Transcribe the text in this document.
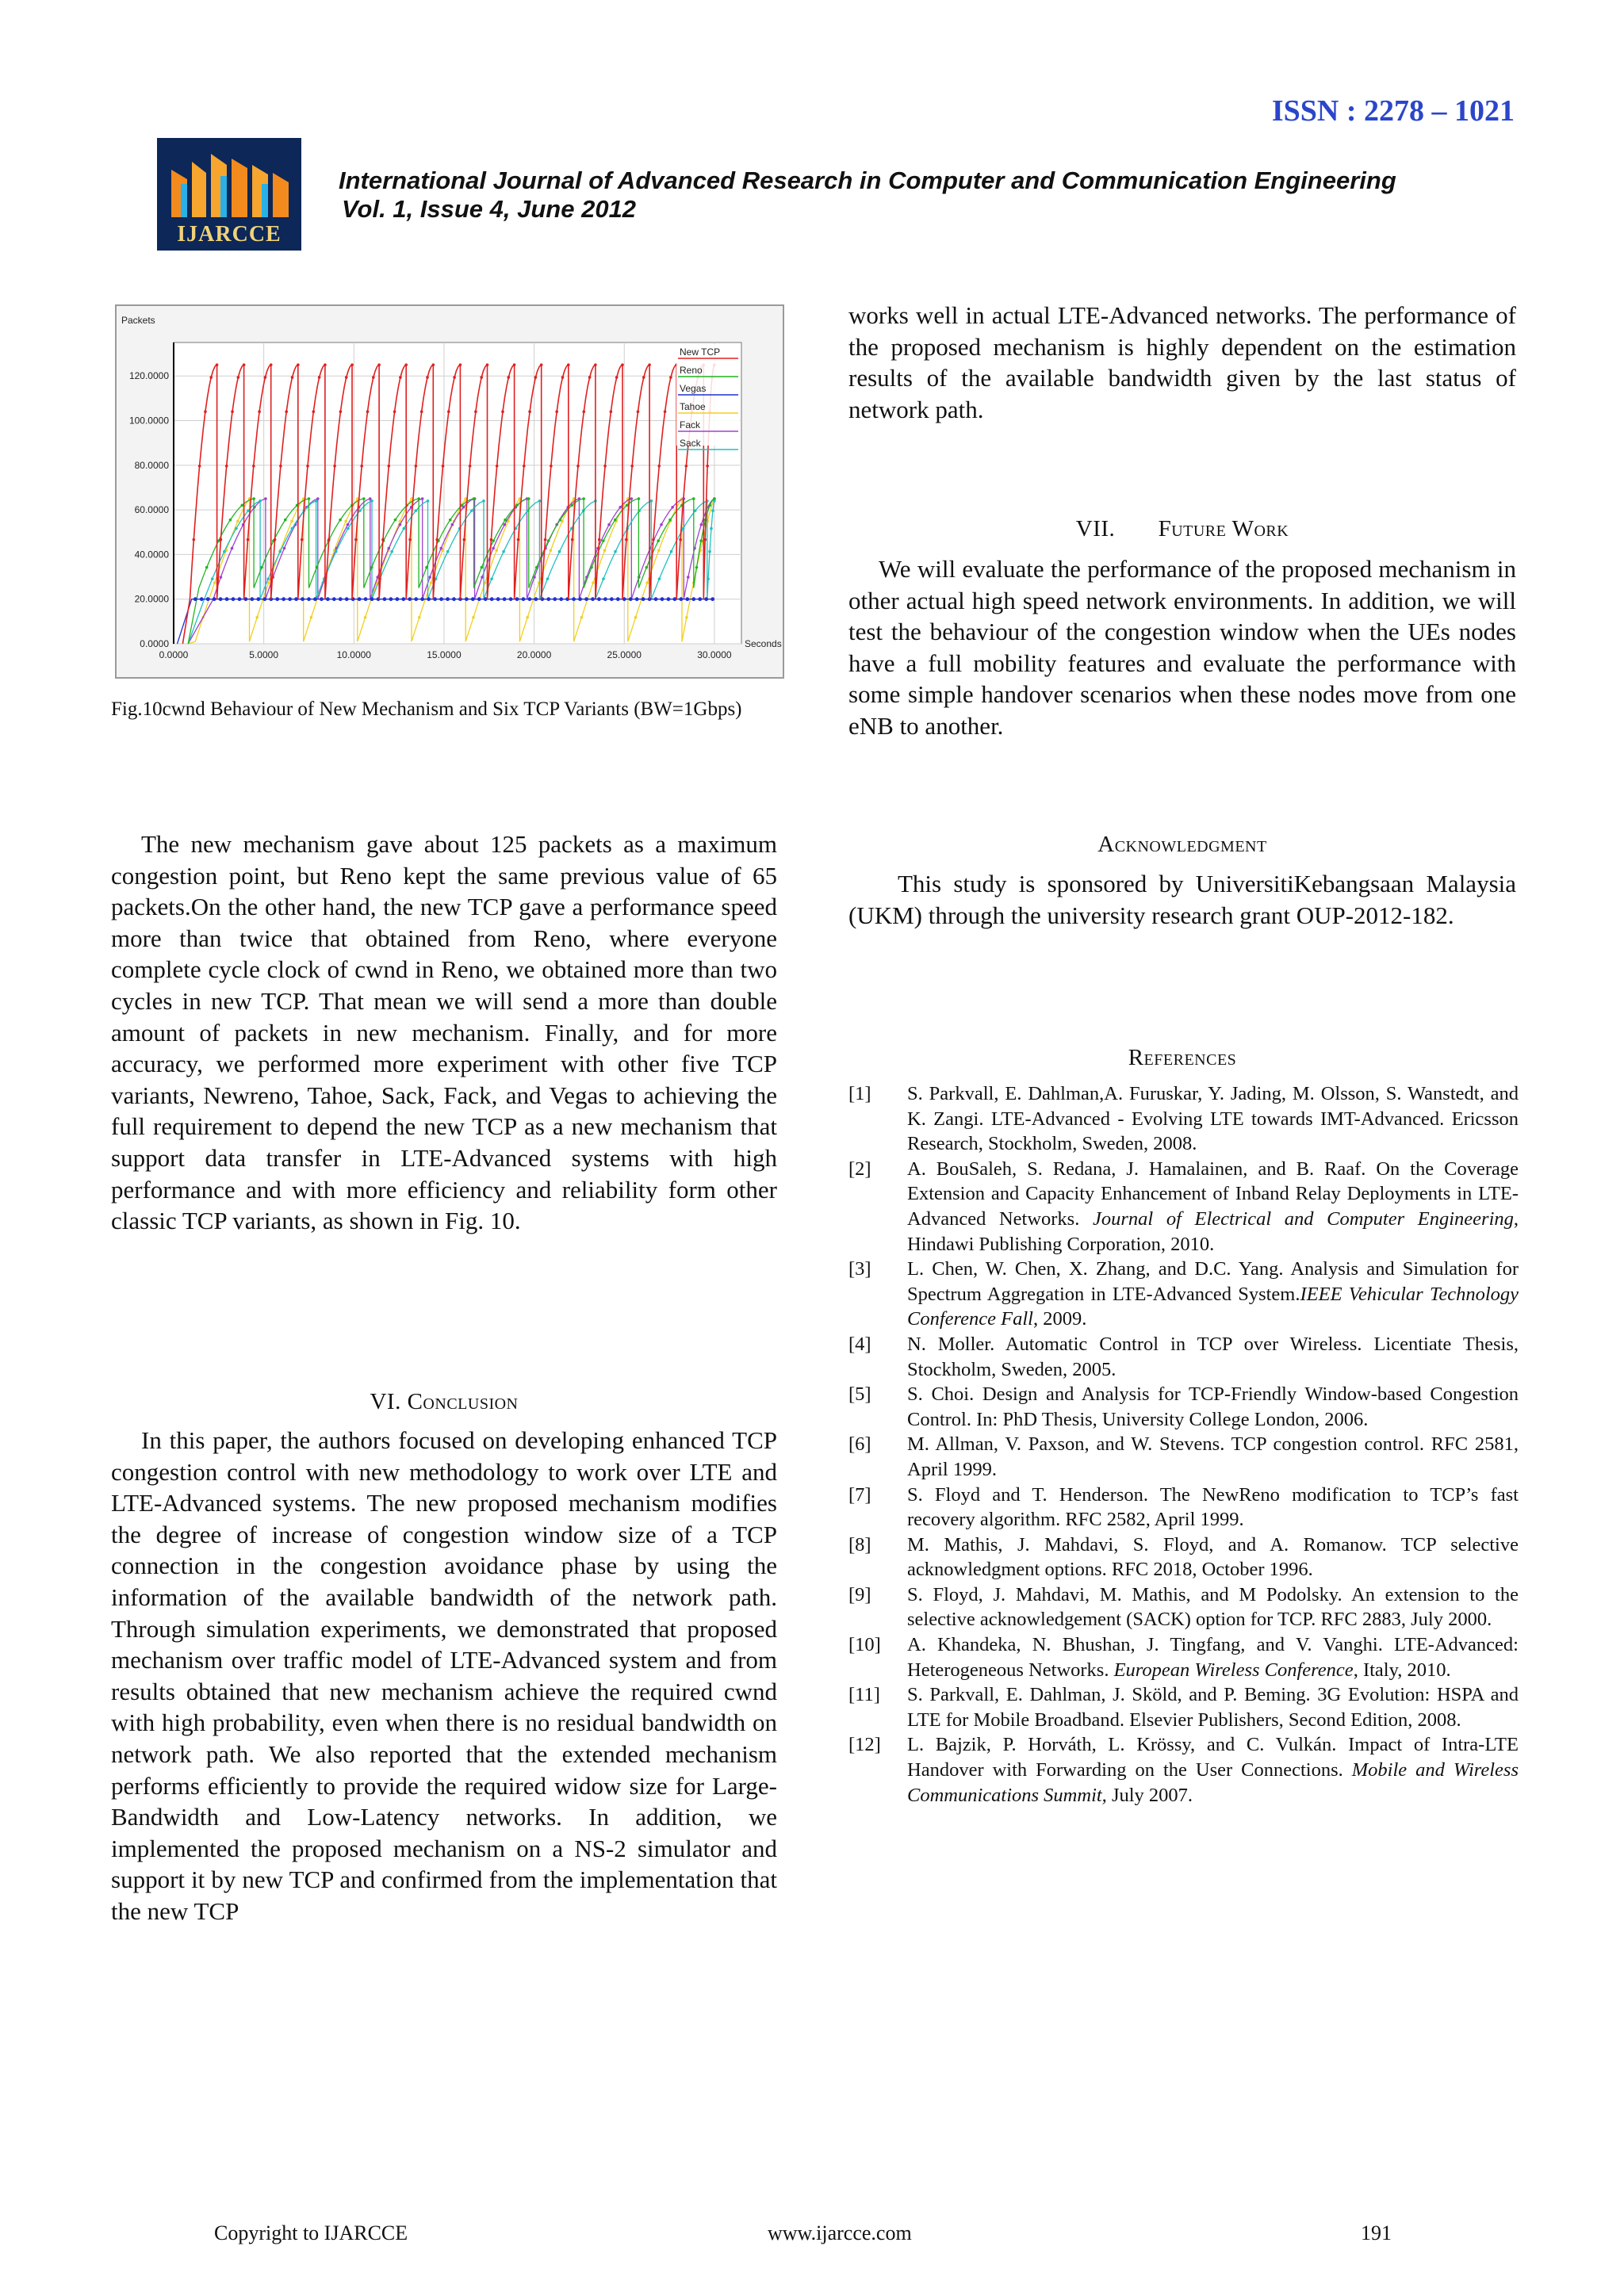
ISSN : 2278 – 1021
IJARCCE
International Journal of Advanced Research in Computer and Communication Engineering
Vol. 1, Issue 4, June 2012
0.0000
20.0000
40.0000
60.0000
80.0000
100.0000
120.0000
0.0000	5.0000	10.0000	15.0000	20.0000	25.0000	30.0000
Packets
Seconds
New TCP
Reno
Vegas
Tahoe
Fack
Sack
Fig.10cwnd Behaviour of New Mechanism and Six TCP Variants (BW=1Gbps)

The new mechanism gave about 125 packets as a maximum congestion point, but Reno kept the same previous value of 65 packets.On the other hand, the new TCP gave a performance speed more than twice that obtained from Reno, where everyone complete cycle clock of cwnd in Reno, we obtained more than two cycles in new TCP. That mean we will send a more than double amount of packets in new mechanism. Finally, and for more accuracy, we performed more experiment with other five TCP variants, Newreno, Tahoe, Sack, Fack, and Vegas to achieving the full requirement to depend the new TCP as a new mechanism that support data transfer in LTE-Advanced systems with high performance and with more efficiency and reliability form other classic TCP variants, as shown in Fig. 10.

VI. Conclusion

In this paper, the authors focused on developing enhanced TCP congestion control with new methodology to work over LTE and LTE-Advanced systems. The new proposed mechanism modifies the degree of increase of congestion window size of a TCP connection in the congestion avoidance phase by using the information of the available bandwidth of the network path. Through simulation experiments, we demonstrated that proposed mechanism over traffic model of LTE-Advanced system and from results obtained that new mechanism achieve the required cwnd with high probability, even when there is no residual bandwidth on network path. We also reported that the extended mechanism performs efficiently to provide the required widow size for Large-Bandwidth and Low-Latency networks. In addition, we implemented the proposed mechanism on a NS-2 simulator and support it by new TCP and confirmed from the implementation that the new TCP

works well in actual LTE-Advanced networks. The performance of the proposed mechanism is highly dependent on the estimation results of the available bandwidth given by the last status of network path.

VII. Future Work

We will evaluate the performance of the proposed mechanism in other actual high speed network environments. In addition, we will test the behaviour of the congestion window when the UEs nodes have a full mobility features and evaluate the performance with some simple handover scenarios when these nodes move from one eNB to another.

Acknowledgment

This study is sponsored by UniversitiKebangsaan Malaysia (UKM) through the university research grant OUP-2012-182.

References
[1]	S. Parkvall, E. Dahlman,A. Furuskar, Y. Jading, M. Olsson, S. Wanstedt, and K. Zangi. LTE-Advanced - Evolving LTE towards IMT-Advanced. Ericsson Research, Stockholm, Sweden, 2008.
[2]	A. BouSaleh, S. Redana, J. Hamalainen, and B. Raaf. On the Coverage Extension and Capacity Enhancement of Inband Relay Deployments in LTE-Advanced Networks. Journal of Electrical and Computer Engineering, Hindawi Publishing Corporation, 2010.
[3]	L. Chen, W. Chen, X. Zhang, and D.C. Yang. Analysis and Simulation for Spectrum Aggregation in LTE-Advanced System.IEEE Vehicular Technology Conference Fall, 2009.
[4]	N. Moller. Automatic Control in TCP over Wireless. Licentiate Thesis, Stockholm, Sweden, 2005.
[5]	S. Choi. Design and Analysis for TCP-Friendly Window-based Congestion Control. In: PhD Thesis, University College London, 2006.
[6]	M. Allman, V. Paxson, and W. Stevens. TCP congestion control. RFC 2581, April 1999.
[7]	S. Floyd and T. Henderson. The NewReno modification to TCP’s fast recovery algorithm. RFC 2582, April 1999.
[8]	M. Mathis, J. Mahdavi, S. Floyd, and A. Romanow. TCP selective acknowledgment options. RFC 2018, October 1996.
[9]	S. Floyd, J. Mahdavi, M. Mathis, and M Podolsky. An extension to the selective acknowledgement (SACK) option for TCP. RFC 2883, July 2000.
[10]	A. Khandeka, N. Bhushan, J. Tingfang, and V. Vanghi. LTE-Advanced: Heterogeneous Networks. European Wireless Conference, Italy, 2010.
[11]	S. Parkvall, E. Dahlman, J. Sköld, and P. Beming. 3G Evolution: HSPA and LTE for Mobile Broadband. Elsevier Publishers, Second Edition, 2008.
[12]	L. Bajzik, P. Horváth, L. Krössy, and C. Vulkán. Impact of Intra-LTE Handover with Forwarding on the User Connections. Mobile and Wireless Communications Summit, July 2007.
Copyright to IJARCCE	www.ijarcce.com	191
